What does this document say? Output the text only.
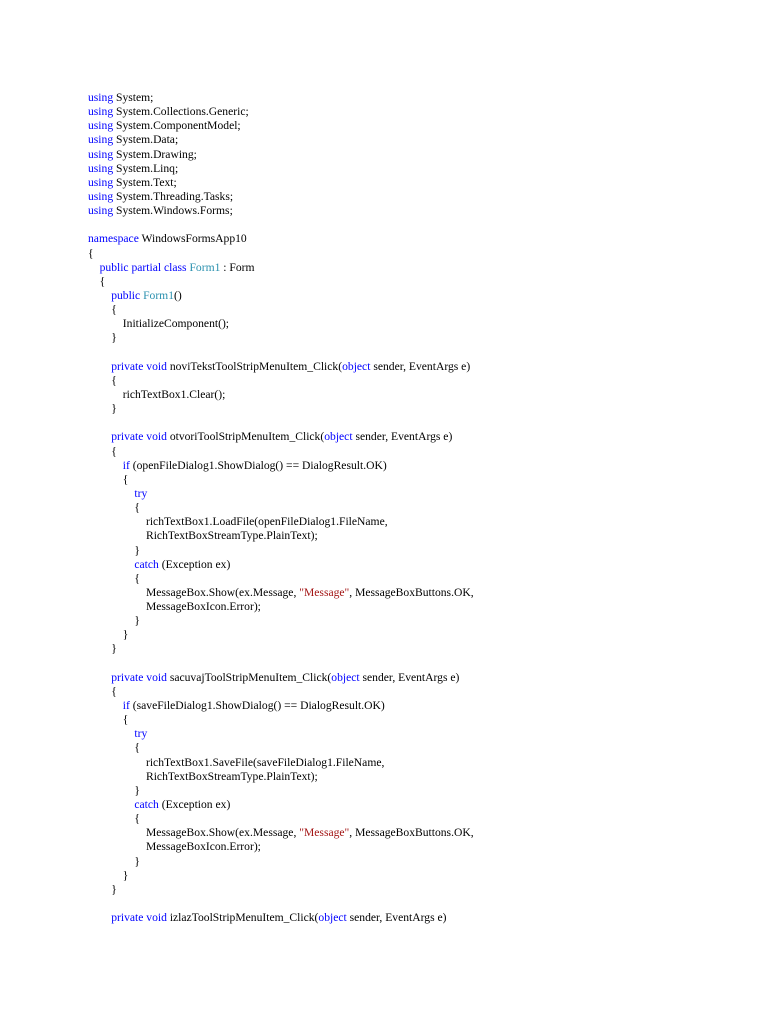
using System;
using System.Collections.Generic;
using System.ComponentModel;
using System.Data;
using System.Drawing;
using System.Linq;
using System.Text;
using System.Threading.Tasks;
using System.Windows.Forms;

namespace WindowsFormsApp10
{
public partial class Form1 : Form
{
public Form1()
{
InitializeComponent();
}

private void noviTekstToolStripMenuItem_Click(object sender, EventArgs e)
{
richTextBox1.Clear();
}

private void otvoriToolStripMenuItem_Click(object sender, EventArgs e)
{
if (openFileDialog1.ShowDialog() == DialogResult.OK)
{
try
{
richTextBox1.LoadFile(openFileDialog1.FileName,
RichTextBoxStreamType.PlainText);
}
catch (Exception ex)
{
MessageBox.Show(ex.Message, "Message", MessageBoxButtons.OK,
MessageBoxIcon.Error);
}
}
}

private void sacuvajToolStripMenuItem_Click(object sender, EventArgs e)
{
if (saveFileDialog1.ShowDialog() == DialogResult.OK)
{
try
{
richTextBox1.SaveFile(saveFileDialog1.FileName,
RichTextBoxStreamType.PlainText);
}
catch (Exception ex)
{
MessageBox.Show(ex.Message, "Message", MessageBoxButtons.OK,
MessageBoxIcon.Error);
}
}
}

private void izlazToolStripMenuItem_Click(object sender, EventArgs e)
